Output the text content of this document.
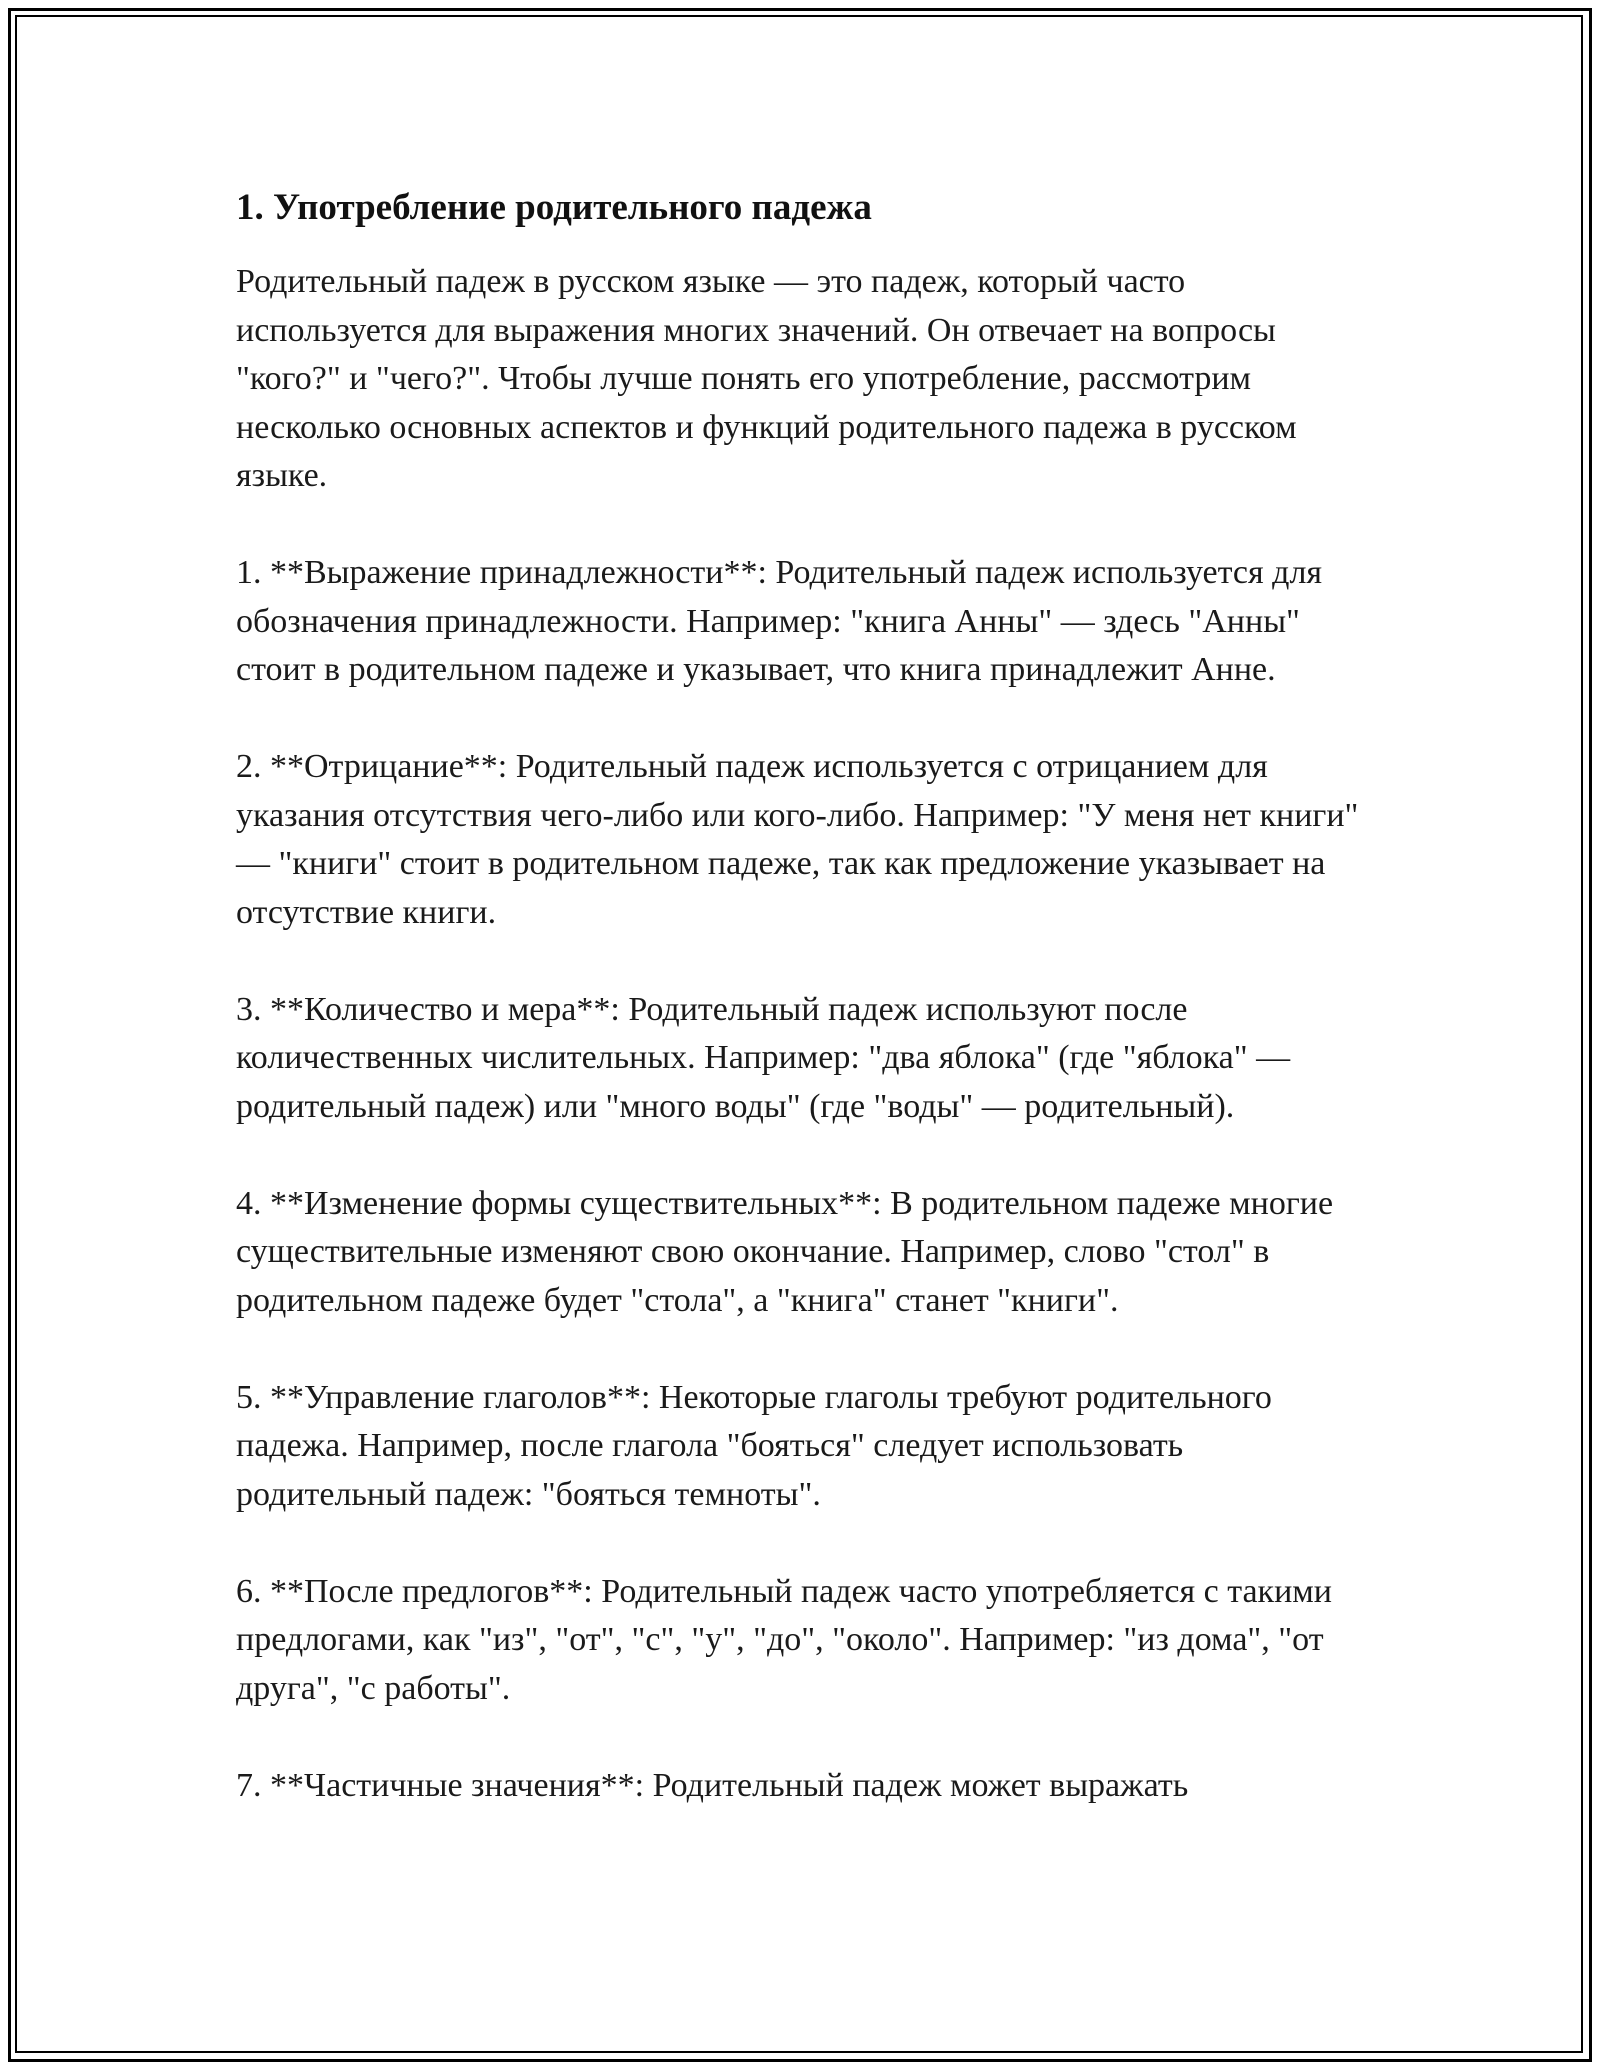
1. Употребление родительного падежа

Родительный падеж в русском языке — это падеж, который часто используется для выражения многих значений. Он отвечает на вопросы "кого?" и "чего?". Чтобы лучше понять его употребление, рассмотрим несколько основных аспектов и функций родительного падежа в русском языке.

1. **Выражение принадлежности**: Родительный падеж используется для обозначения принадлежности. Например: "книга Анны" — здесь "Анны" стоит в родительном падеже и указывает, что книга принадлежит Анне.

2. **Отрицание**: Родительный падеж используется с отрицанием для указания отсутствия чего-либо или кого-либо. Например: "У меня нет книги" — "книги" стоит в родительном падеже, так как предложение указывает на отсутствие книги.

3. **Количество и мера**: Родительный падеж используют после количественных числительных. Например: "два яблока" (где "яблока" — родительный падеж) или "много воды" (где "воды" — родительный).

4. **Изменение формы существительных**: В родительном падеже многие существительные изменяют свою окончание. Например, слово "стол" в родительном падеже будет "стола", а "книга" станет "книги".

5. **Управление глаголов**: Некоторые глаголы требуют родительного падежа. Например, после глагола "бояться" следует использовать родительный падеж: "бояться темноты".

6. **После предлогов**: Родительный падеж часто употребляется с такими предлогами, как "из", "от", "с", "у", "до", "около". Например: "из дома", "от друга", "с работы".

7. **Частичные значения**: Родительный падеж может выражать
